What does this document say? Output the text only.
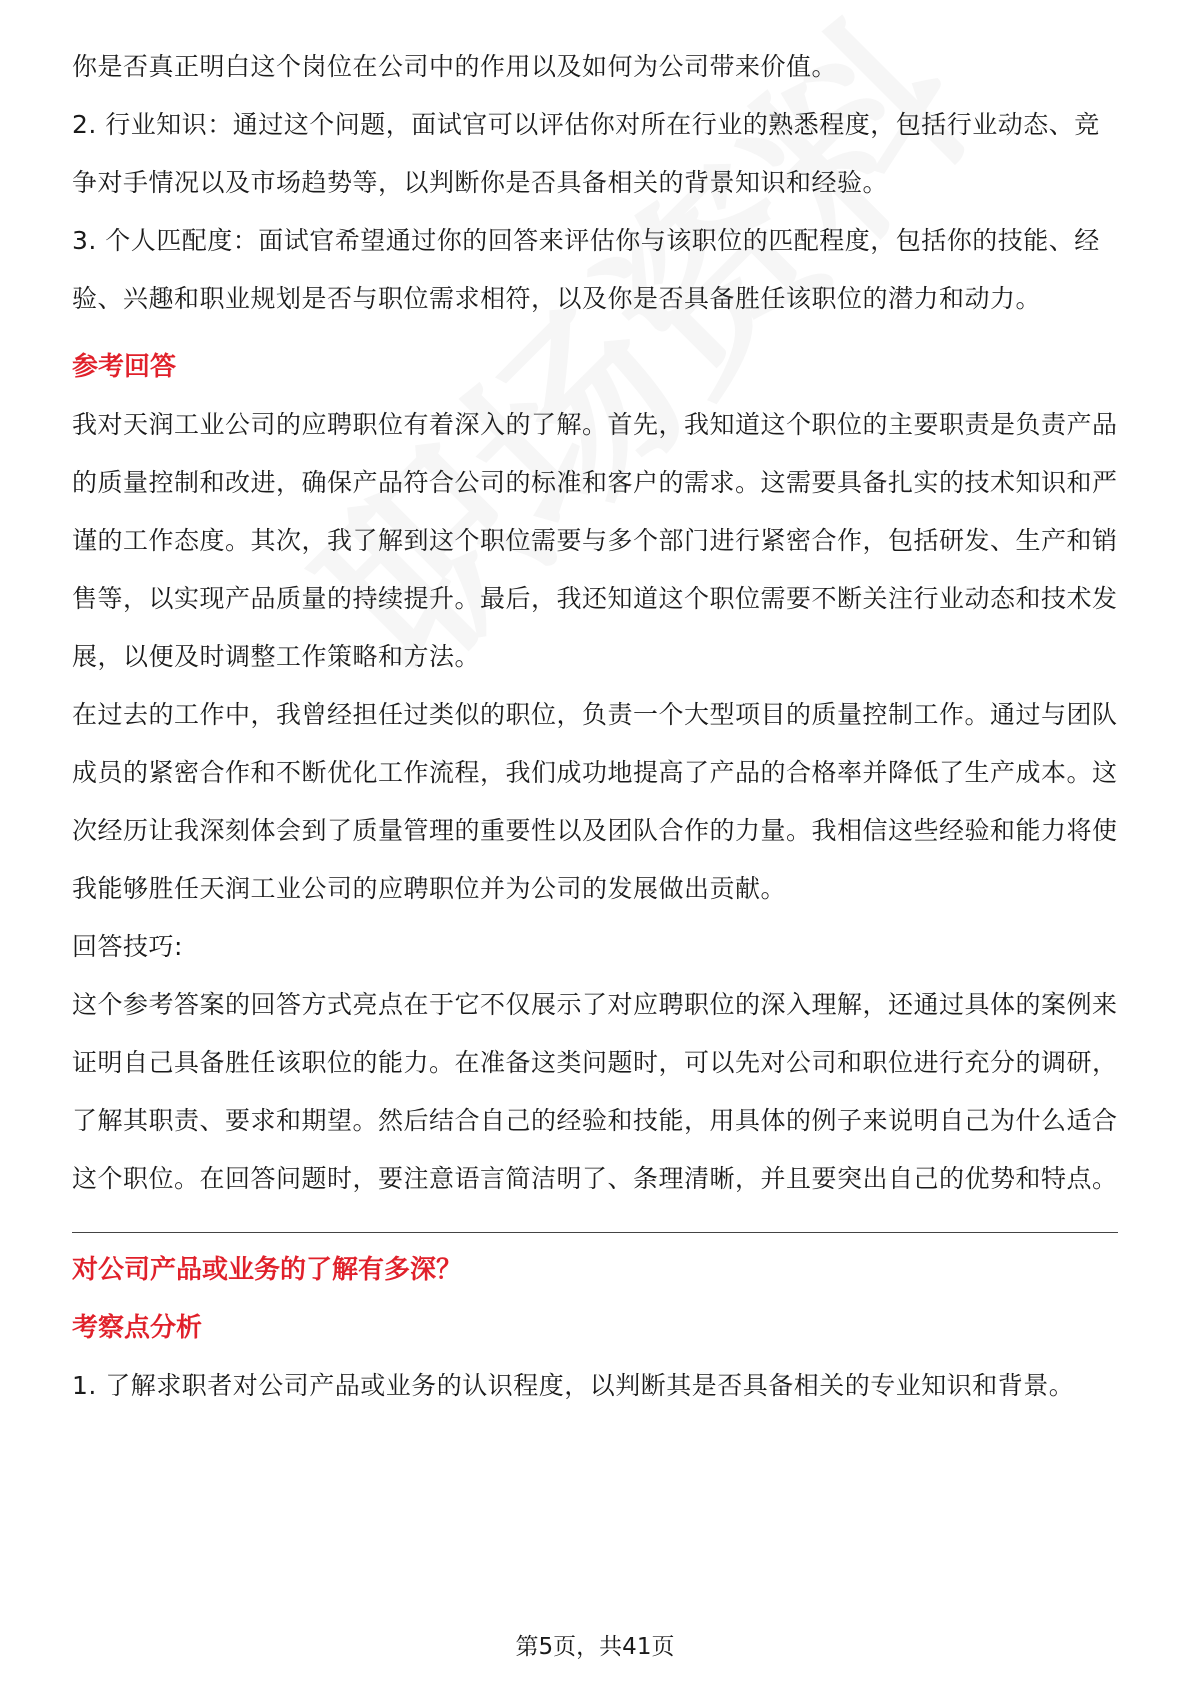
你是否真正明白这个岗位在公司中的作用以及如何为公司带来价值。

2. 行业知识：通过这个问题，面试官可以评估你对所在行业的熟悉程度，包括行业动态、竞争对手情况以及市场趋势等，以判断你是否具备相关的背景知识和经验。

3. 个人匹配度：面试官希望通过你的回答来评估你与该职位的匹配程度，包括你的技能、经验、兴趣和职业规划是否与职位需求相符，以及你是否具备胜任该职位的潜力和动力。

参考回答

我对天润工业公司的应聘职位有着深入的了解。首先，我知道这个职位的主要职责是负责产品的质量控制和改进，确保产品符合公司的标准和客户的需求。这需要具备扎实的技术知识和严谨的工作态度。其次，我了解到这个职位需要与多个部门进行紧密合作，包括研发、生产和销售等，以实现产品质量的持续提升。最后，我还知道这个职位需要不断关注行业动态和技术发展，以便及时调整工作策略和方法。

在过去的工作中，我曾经担任过类似的职位，负责一个大型项目的质量控制工作。通过与团队成员的紧密合作和不断优化工作流程，我们成功地提高了产品的合格率并降低了生产成本。这次经历让我深刻体会到了质量管理的重要性以及团队合作的力量。我相信这些经验和能力将使我能够胜任天润工业公司的应聘职位并为公司的发展做出贡献。

回答技巧:

这个参考答案的回答方式亮点在于它不仅展示了对应聘职位的深入理解，还通过具体的案例来证明自己具备胜任该职位的能力。在准备这类问题时，可以先对公司和职位进行充分的调研，了解其职责、要求和期望。然后结合自己的经验和技能，用具体的例子来说明自己为什么适合这个职位。在回答问题时，要注意语言简洁明了、条理清晰，并且要突出自己的优势和特点。

对公司产品或业务的了解有多深？

考察点分析

1. 了解求职者对公司产品或业务的认识程度，以判断其是否具备相关的专业知识和背景。

第5页，共41页
